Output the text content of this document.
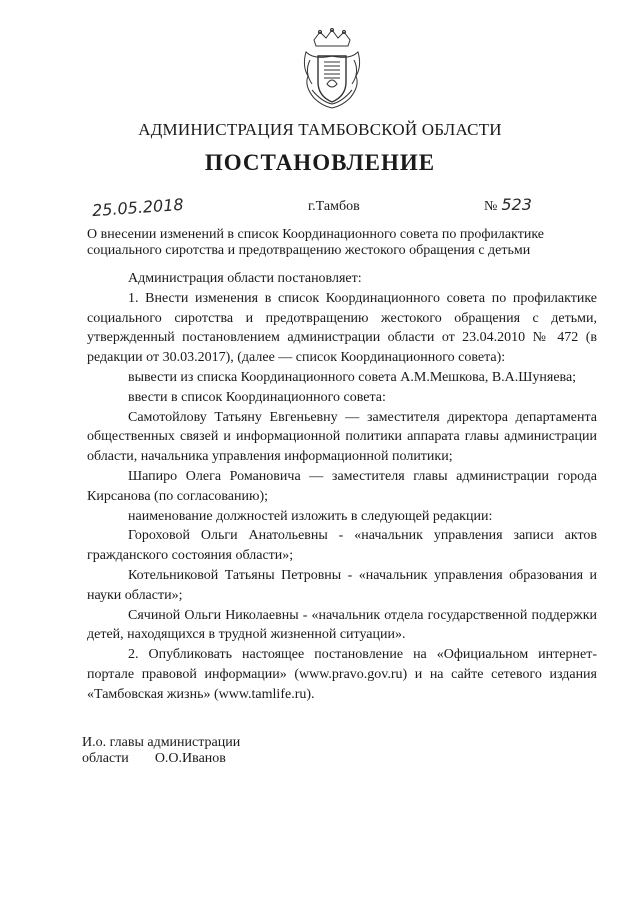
АДМИНИСТРАЦИЯ ТАМБОВСКОЙ ОБЛАСТИ
ПОСТАНОВЛЕНИЕ
25.05.2018	г.Тамбов	№ 523
О внесении изменений в список Координационного совета по профилактике
социального сиротства и предотвращению жестокого обращения с детьми

Администрация области постановляет:

1. Внести изменения в список Координационного совета по профилактике социального сиротства и предотвращению жестокого обращения с детьми, утвержденный постановлением администрации области от 23.04.2010 № 472 (в редакции от 30.03.2017), (далее — список Координационного совета):

вывести из списка Координационного совета А.М.Мешкова, В.А.Шуняева;

ввести в список Координационного совета:

Самотойлову Татьяну Евгеньевну — заместителя директора департамента общественных связей и информационной политики аппарата главы администрации области, начальника управления информационной политики;

Шапиро Олега Романовича — заместителя главы администрации города Кирсанова (по согласованию);

наименование должностей изложить в следующей редакции:

Гороховой Ольги Анатольевны - «начальник управления записи актов гражданского состояния области»;

Котельниковой Татьяны Петровны - «начальник управления образования и науки области»;

Сячиной Ольги Николаевны - «начальник отдела государственной поддержки детей, находящихся в трудной жизненной ситуации».

2. Опубликовать настоящее постановление на «Официальном интернет-портале правовой информации» (www.pravo.gov.ru) и на сайте сетевого издания «Тамбовская жизнь» (www.tamlife.ru).

И.о. главы администрации
области О.О.Иванов
